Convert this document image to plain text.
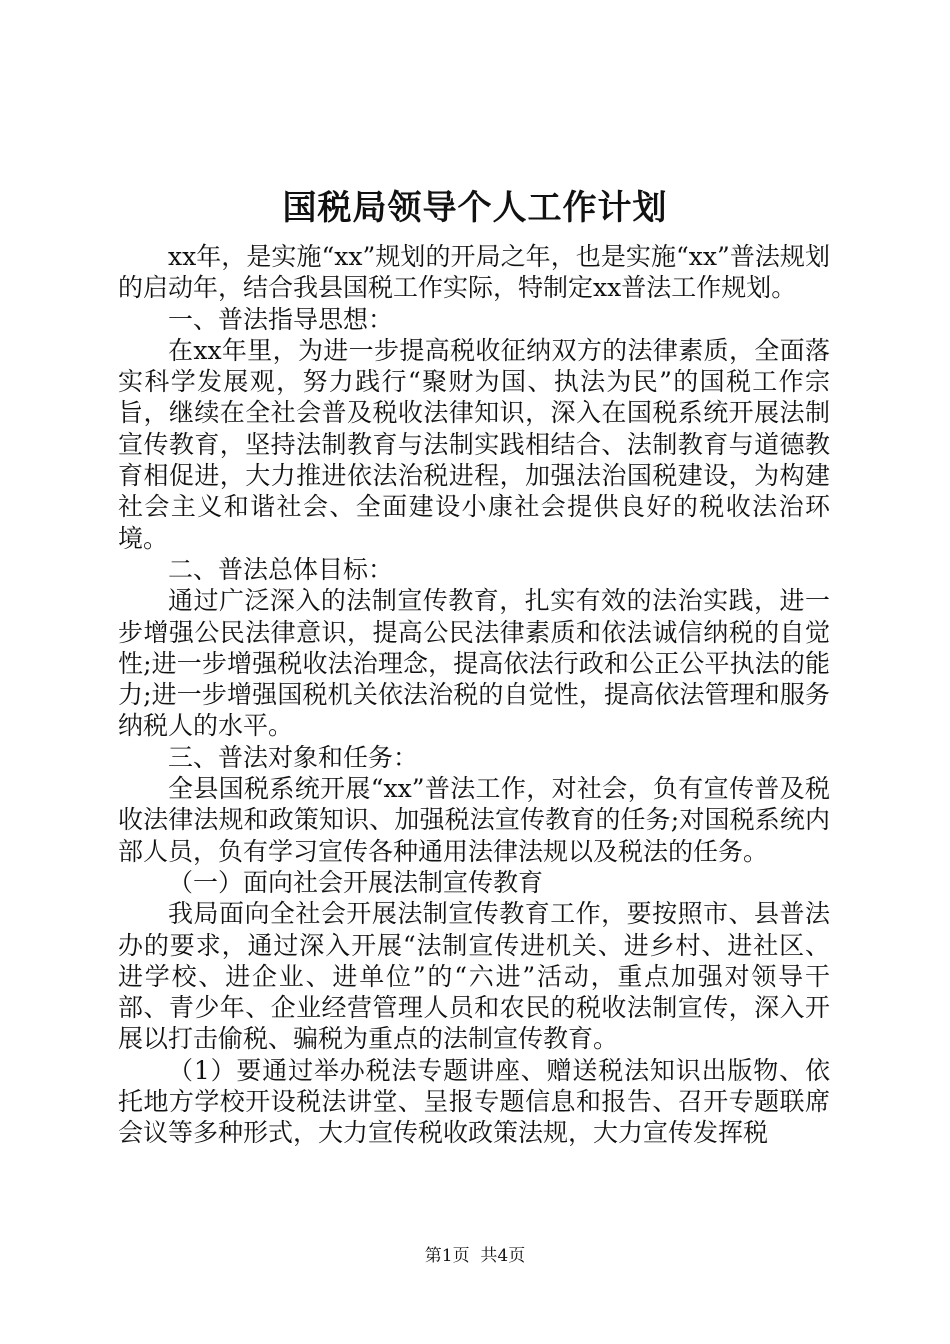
国税局领导个人工作计划

xx年，是实施“xx”规划的开局之年，也是实施“xx”普法规划的启动年，结合我县国税工作实际，特制定xx普法工作规划。

一、普法指导思想：

在xx年里，为进一步提高税收征纳双方的法律素质，全面落实科学发展观，努力践行“聚财为国、执法为民”的国税工作宗旨，继续在全社会普及税收法律知识，深入在国税系统开展法制宣传教育，坚持法制教育与法制实践相结合、法制教育与道德教育相促进，大力推进依法治税进程，加强法治国税建设，为构建社会主义和谐社会、全面建设小康社会提供良好的税收法治环境。

二、普法总体目标：

通过广泛深入的法制宣传教育，扎实有效的法治实践，进一步增强公民法律意识，提高公民法律素质和依法诚信纳税的自觉性;进一步增强税收法治理念，提高依法行政和公正公平执法的能力;进一步增强国税机关依法治税的自觉性，提高依法管理和服务纳税人的水平。

三、普法对象和任务：

全县国税系统开展“xx”普法工作，对社会，负有宣传普及税收法律法规和政策知识、加强税法宣传教育的任务;对国税系统内部人员，负有学习宣传各种通用法律法规以及税法的任务。

（一）面向社会开展法制宣传教育

我局面向全社会开展法制宣传教育工作，要按照市、县普法办的要求，通过深入开展“法制宣传进机关、进乡村、进社区、进学校、进企业、进单位”的“六进”活动，重点加强对领导干部、青少年、企业经营管理人员和农民的税收法制宣传，深入开展以打击偷税、骗税为重点的法制宣传教育。

（1）要通过举办税法专题讲座、赠送税法知识出版物、依托地方学校开设税法讲堂、呈报专题信息和报告、召开专题联席会议等多种形式，大力宣传税收政策法规，大力宣传发挥税

第1页  共4页
